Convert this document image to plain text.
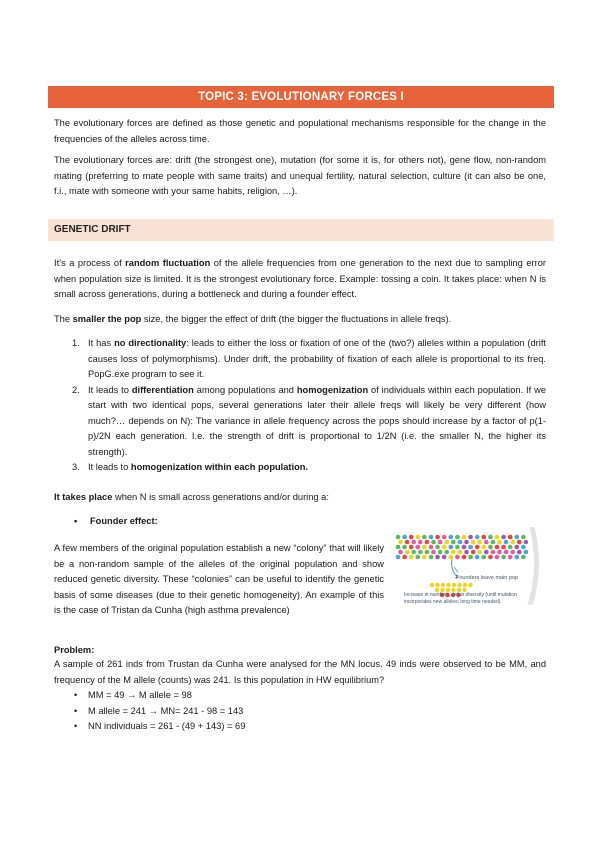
TOPIC 3: EVOLUTIONARY FORCES I
The evolutionary forces are defined as those genetic and populational mechanisms responsible for the change in the frequencies of the alleles across time.
The evolutionary forces are: drift (the strongest one), mutation (for some it is, for others not), gene flow, non-random mating (preferring to mate people with same traits) and unequal fertility, natural selection, culture (it can also be one, f.i., mate with someone with your same habits, religion, …).
GENETIC DRIFT
It’s a process of random fluctuation of the allele frequencies from one generation to the next due to sampling error when population size is limited. It is the strongest evolutionary force. Example: tossing a coin. It takes place: when N is small across generations, during a bottleneck and during a founder effect.
The smaller the pop size, the bigger the effect of drift (the bigger the fluctuations in allele freqs).
1. It has no directionality: leads to either the loss or fixation of one of the (two?) alleles within a population (drift causes loss of polymorphisms). Under drift, the probability of fixation of each allele is proportional to its freq. PopG.exe program to see it.
2. It leads to differentiation among populations and homogenization of individuals within each population. If we start with two identical pops, several generations later their allele freqs will likely be very different (how much?… depends on N): The variance in allele frequency across the pops should increase by a factor of p(1-p)/2N each generation. I.e. the strength of drift is proportional to 1/2N (i.e. the smaller N, the higher its strength).
3. It leads to homogenization within each population.
It takes place when N is small across generations and/or during a:
• Founder effect:
A few members of the original population establish a new “colony” that will likely be a non-random sample of the alleles of the original population and show reduced genetic diversity. These “colonies” can be useful to identify the genetic basis of some diseases (due to their genetic homogeneity). An example of this is the case of Tristan da Cunha (high asthma prevalence)
Founders leave main pop
Increase in numbers, not in diversity (until mutation incorporates new alleles; long time needed)
Problem:
A sample of 261 inds from Trustan da Cunha were analysed for the MN locus. 49 inds were observed to be MM, and frequency of the M allele (counts) was 241. Is this population in HW equilibrium?
• MM = 49 → M allele = 98
• M allele = 241 → MN= 241 - 98 = 143
• NN individuals = 261 - (49 + 143) = 69
